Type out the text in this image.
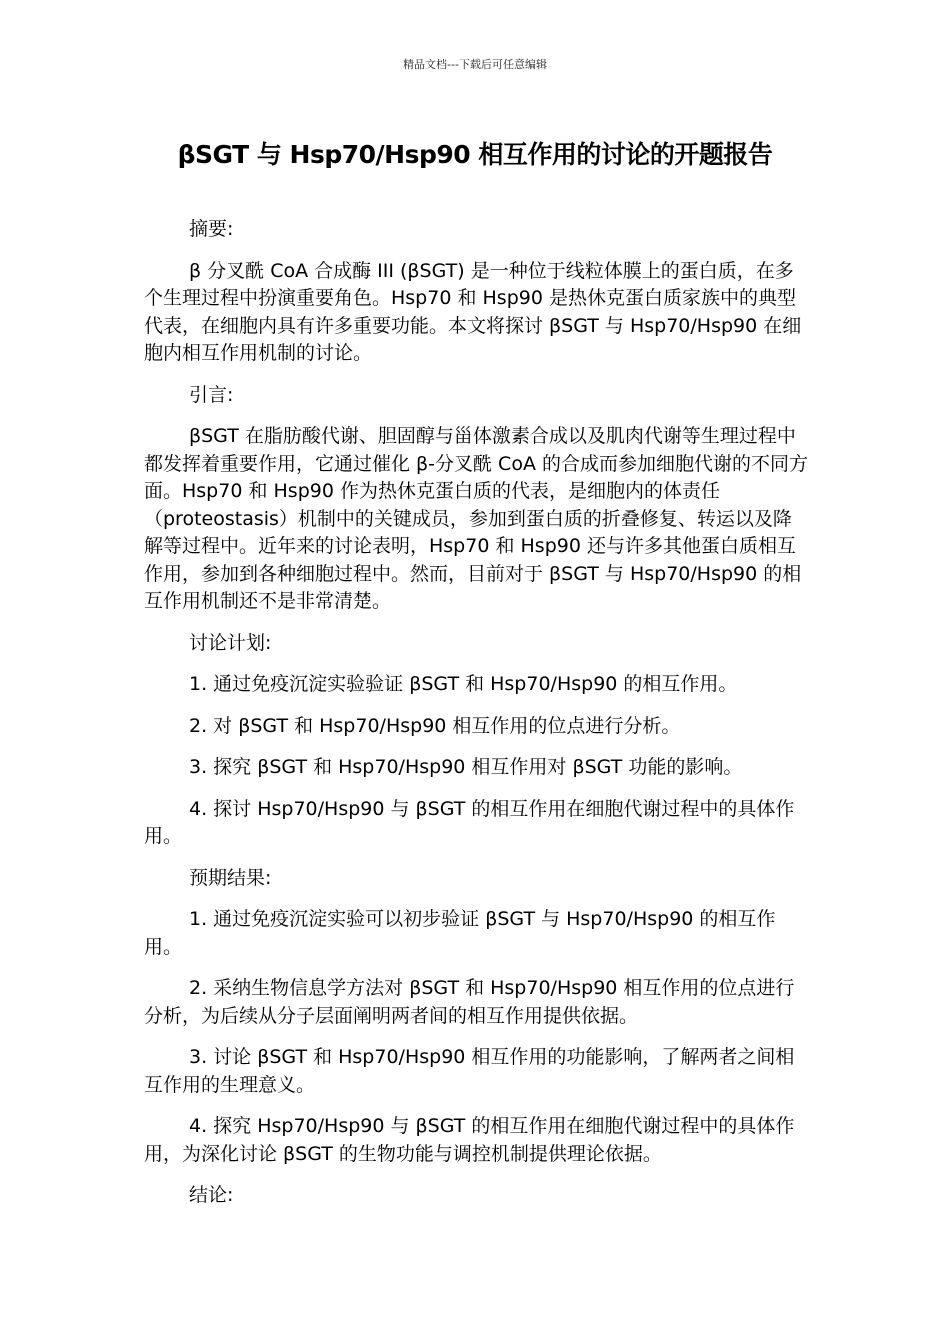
精品文档---下载后可任意编辑
βSGT 与 Hsp70/Hsp90 相互作用的讨论的开题报告

摘要:

β 分叉酰 CoA 合成酶 III (βSGT) 是一种位于线粒体膜上的蛋白质，在多个生理过程中扮演重要角色。Hsp70 和 Hsp90 是热休克蛋白质家族中的典型代表，在细胞内具有许多重要功能。本文将探讨 βSGT 与 Hsp70/Hsp90 在细胞内相互作用机制的讨论。

引言:

βSGT 在脂肪酸代谢、胆固醇与甾体激素合成以及肌肉代谢等生理过程中都发挥着重要作用，它通过催化 β-分叉酰 CoA 的合成而参加细胞代谢的不同方面。Hsp70 和 Hsp90 作为热休克蛋白质的代表，是细胞内的体责任（proteostasis）机制中的关键成员，参加到蛋白质的折叠修复、转运以及降解等过程中。近年来的讨论表明，Hsp70 和 Hsp90 还与许多其他蛋白质相互作用，参加到各种细胞过程中。然而，目前对于 βSGT 与 Hsp70/Hsp90 的相互作用机制还不是非常清楚。

讨论计划:

1. 通过免疫沉淀实验验证 βSGT 和 Hsp70/Hsp90 的相互作用。

2. 对 βSGT 和 Hsp70/Hsp90 相互作用的位点进行分析。

3. 探究 βSGT 和 Hsp70/Hsp90 相互作用对 βSGT 功能的影响。

4. 探讨 Hsp70/Hsp90 与 βSGT 的相互作用在细胞代谢过程中的具体作用。

预期结果:

1. 通过免疫沉淀实验可以初步验证 βSGT 与 Hsp70/Hsp90 的相互作用。

2. 采纳生物信息学方法对 βSGT 和 Hsp70/Hsp90 相互作用的位点进行分析，为后续从分子层面阐明两者间的相互作用提供依据。

3. 讨论 βSGT 和 Hsp70/Hsp90 相互作用的功能影响，了解两者之间相互作用的生理意义。

4. 探究 Hsp70/Hsp90 与 βSGT 的相互作用在细胞代谢过程中的具体作用，为深化讨论 βSGT 的生物功能与调控机制提供理论依据。

结论:
